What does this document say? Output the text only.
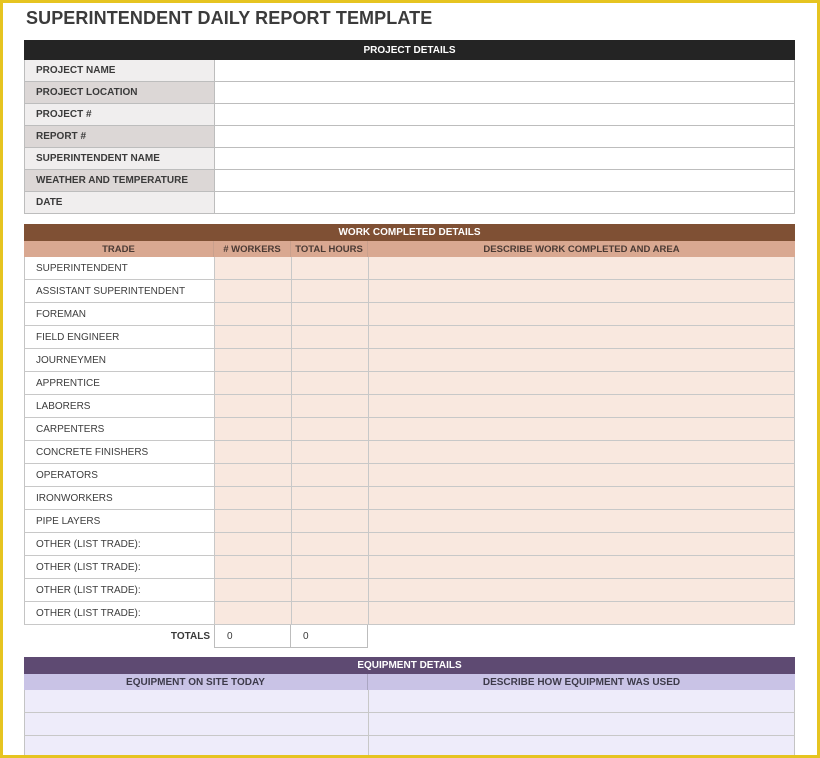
SUPERINTENDENT DAILY REPORT TEMPLATE
PROJECT DETAILS
PROJECT NAME
PROJECT LOCATION
PROJECT #
REPORT #
SUPERINTENDENT NAME
WEATHER AND TEMPERATURE
DATE
WORK COMPLETED DETAILS
TRADE	# WORKERS	TOTAL HOURS	DESCRIBE WORK COMPLETED AND AREA
SUPERINTENDENT
ASSISTANT SUPERINTENDENT
FOREMAN
FIELD ENGINEER
JOURNEYMEN
APPRENTICE
LABORERS
CARPENTERS
CONCRETE FINISHERS
OPERATORS
IRONWORKERS
PIPE LAYERS
OTHER (LIST TRADE):
OTHER (LIST TRADE):
OTHER (LIST TRADE):
OTHER (LIST TRADE):
TOTALS	0	0
EQUIPMENT DETAILS
EQUIPMENT ON SITE TODAY	DESCRIBE HOW EQUIPMENT WAS USED
